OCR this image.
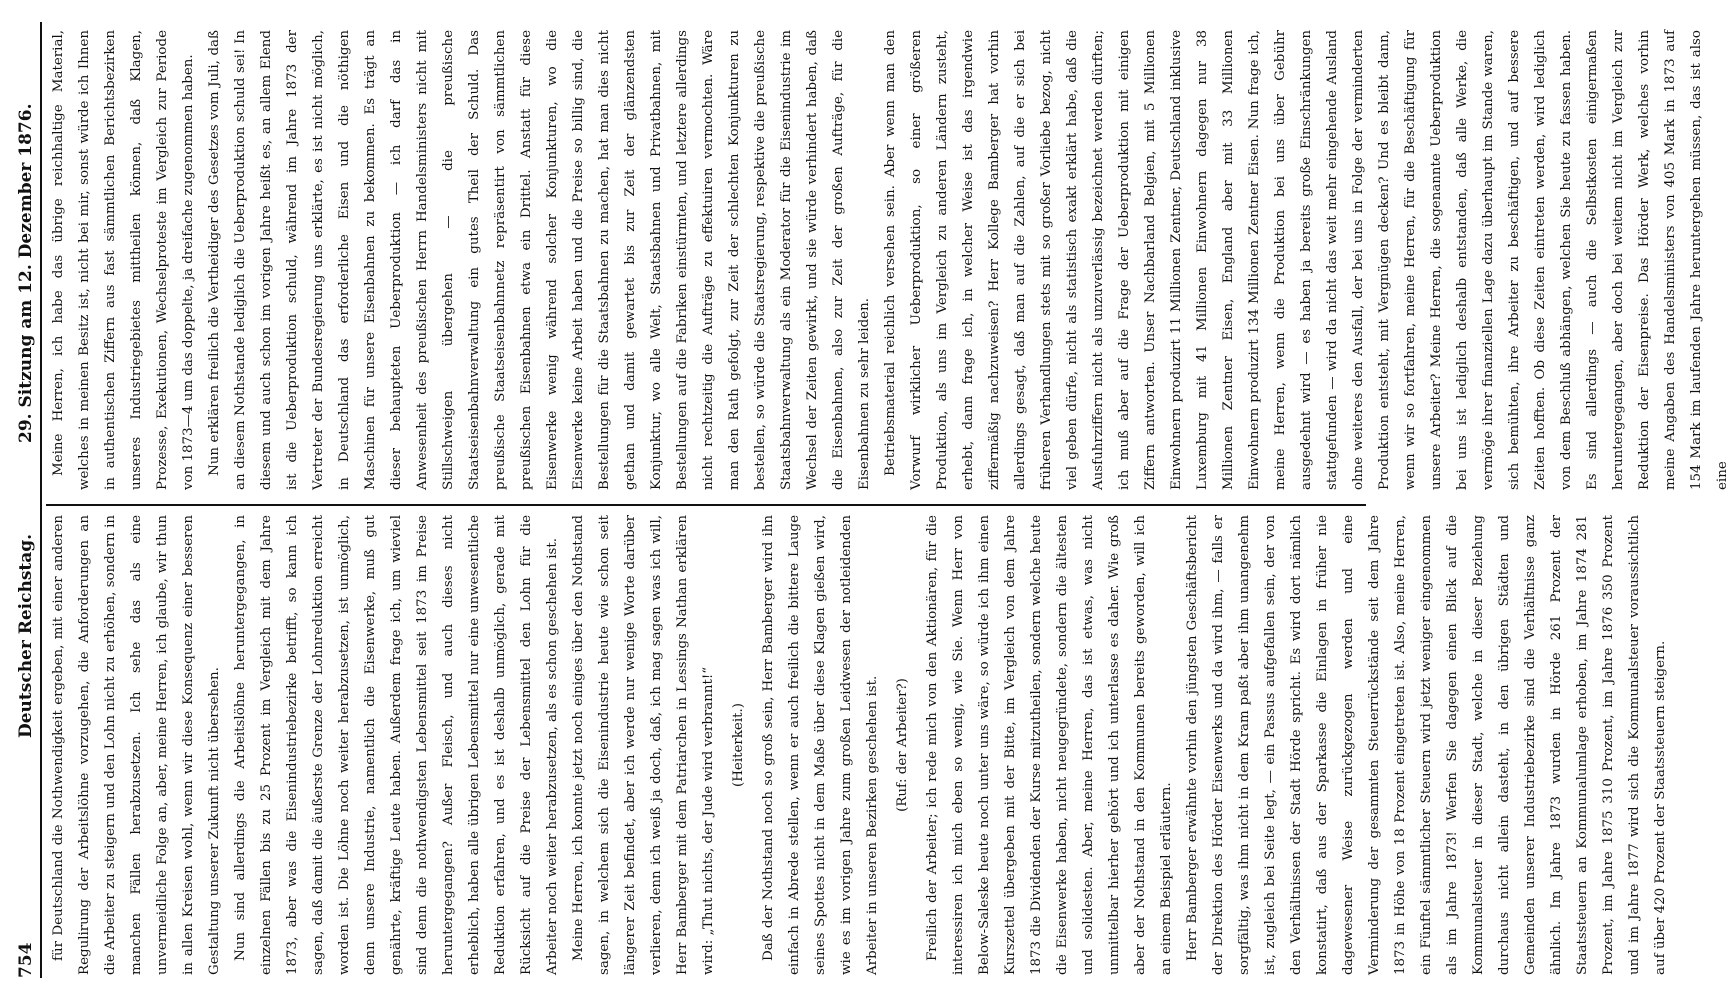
754
Deutscher Reichstag.
29. Sitzung am 12. Dezember 1876.

für Deutschland die Nothwendigkeit ergeben, mit einer anderen Regulirung der Arbeitslöhne vorzugehen, die Anforderungen an die Arbeiter zu steigern und den Lohn nicht zu erhöhen, sondern in manchen Fällen herabzusetzen. Ich sehe das als eine unvermeidliche Folge an, aber, meine Herren, ich glaube, wir thun in allen Kreisen wohl, wenn wir diese Konsequenz einer besseren Gestaltung unserer Zukunft nicht übersehen. Nun sind allerdings die Arbeitslöhne heruntergegangen, in einzelnen Fällen bis zu 25 Prozent im Vergleich mit dem Jahre 1873, aber was die Eisenindustriebezirke betrifft, so kann ich sagen, daß damit die äußerste Grenze der Lohnreduktion erreicht worden ist. Die Löhne noch weiter herabzusetzen, ist unmöglich, denn unsere Industrie, namentlich die Eisenwerke, muß gut genährte, kräftige Leute haben. Außerdem frage ich, um wieviel sind denn die nothwendigsten Lebensmittel seit 1873 im Preise heruntergegangen? Außer Fleisch, und auch dieses nicht erheblich, haben alle übrigen Lebensmittel nur eine unwesentliche Reduktion erfahren, und es ist deshalb unmöglich, gerade mit Rücksicht auf die Preise der Lebensmittel den Lohn für die Arbeiter noch weiter herabzusetzen, als es schon geschehen ist. Meine Herren, ich konnte jetzt noch einiges über den Nothstand sagen, in welchem sich die Eisenindustrie heute wie schon seit längerer Zeit befindet, aber ich werde nur wenige Worte darüber verlieren, denn ich weiß ja doch, daß, ich mag sagen was ich will, Herr Bamberger mit dem Patriarchen in Lessings Nathan erklären wird: „Thut nichts, der Jude wird verbrannt!“	(Heiterkeit.)	Daß der Nothstand noch so groß sein, Herr Bamberger wird ihn einfach in Abrede stellen, wenn er auch freilich die bittere Lauge seines Spottes nicht in dem Maße über diese Klagen gießen wird, wie es im vorigen Jahre zum großen Leidwesen der notleidenden Arbeiter in unseren Bezirken geschehen ist.	(Ruf: der Arbeiter?)	Freilich der Arbeiter; ich rede mich von den Aktionären, für die interessiren ich mich eben so wenig, wie Sie. Wenn Herr von Below-Saleske heute noch unter uns wäre, so würde ich ihm einen Kurszettel übergeben mit der Bitte, im Vergleich von dem Jahre 1873 die Dividenden der Kurse mitzutheilen, sondern welche heute die Eisenwerke haben, nicht neugegründete, sondern die ältesten und solidesten. Aber, meine Herren, das ist etwas, was nicht unmittelbar hierher gehört und ich unterlasse es daher. Wie groß aber der Nothstand in den Kommunen bereits geworden, will ich an einem Beispiel erläutern. Herr Bamberger erwähnte vorhin den jüngsten Geschäftsbericht der Direktion des Hörder Eisenwerks und da wird ihm, — falls er sorgfältig, was ihm nicht in dem Kram paßt aber ihm unangenehm ist, zugleich bei Seite legt, — ein Passus aufgefallen sein, der von den Verhältnissen der Stadt Hörde spricht. Es wird dort nämlich konstatirt, daß aus der Sparkasse die Einlagen in früher nie dagewesener Weise zurückgezogen werden und eine Verminderung der gesammten Steuerrückstände seit dem Jahre 1873 in Höhe von 18 Prozent eingetreten ist. Also, meine Herren, ein Fünftel sämmtlicher Steuern wird jetzt weniger eingenommen als im Jahre 1873! Werfen Sie dagegen einen Blick auf die Kommunalsteuer in dieser Stadt, welche in dieser Beziehung durchaus nicht allein dasteht, in den übrigen Städten und Gemeinden unserer Industriebezirke sind die Verhältnisse ganz ähnlich. Im Jahre 1873 wurden in Hörde 261 Prozent der Staatssteuern an Kommunalumlage erhoben, im Jahre 1874 281 Prozent, im Jahre 1875 310 Prozent, im Jahre 1876 350 Prozent und im Jahre 1877 wird sich die Kommunalsteuer voraussichtlich auf über 420 Prozent der Staatssteuern steigern.

Meine Herren, ich habe das übrige reichhaltige Material, welches in meinen Besitz ist, nicht bei mir, sonst würde ich Ihnen in authentischen Ziffern aus fast sämmtlichen Berichtsbezirken unseres Industriegebietes mittheilen können, daß Klagen, Prozesse, Exekutionen, Wechselproteste im Vergleich zur Periode von 1873—4 um das doppelte, ja dreifache zugenommen haben. Nun erklären freilich die Vertheidiger des Gesetzes vom Juli, daß an diesem Nothstande lediglich die Ueberproduktion schuld sei! In diesem und auch schon im vorigen Jahre heißt es, an allem Elend ist die Ueberproduktion schuld, während im Jahre 1873 der Vertreter der Bundesregierung uns erklärte, es ist nicht möglich, in Deutschland das erforderliche Eisen und die nöthigen Maschinen für unsere Eisenbahnen zu bekommen. Es trägt an dieser behaupteten Ueberproduktion — ich darf das in Anwesenheit des preußischen Herrn Handelsministers nicht mit Stillschweigen übergehen — die preußische Staatseisenbahnverwaltung ein gutes Theil der Schuld. Das preußische Staatseisenbahnnetz repräsentirt von sämmtlichen preußischen Eisenbahnen etwa ein Drittel. Anstatt für diese Eisenwerke wenig während solcher Konjunkturen, wo die Eisenwerke keine Arbeit haben und die Preise so billig sind, die Bestellungen für die Staatsbahnen zu machen, hat man dies nicht gethan und damit gewartet bis zur Zeit der glänzendsten Konjunktur, wo alle Welt, Staatsbahnen und Privatbahnen, mit Bestellungen auf die Fabriken einstürmten, und letztere allerdings nicht rechtzeitig die Aufträge zu effektuiren vermochten. Wäre man den Rath gefolgt, zur Zeit der schlechten Konjunkturen zu bestellen, so würde die Staatsregierung, respektive die preußische Staatsbahnverwaltung als ein Moderator für die Eisenindustrie im Wechsel der Zeiten gewirkt, und sie würde verhindert haben, daß die Eisenbahnen, also zur Zeit der großen Aufträge, für die Eisenbahnen zu sehr leiden. Betriebsmaterial reichlich versehen sein. Aber wenn man den Vorwurf wirklicher Ueberproduktion, so einer größeren Produktion, als uns im Vergleich zu anderen Ländern zusteht, erhebt, dann frage ich, in welcher Weise ist das irgendwie ziffermäßig nachzuweisen? Herr Kollege Bamberger hat vorhin allerdings gesagt, daß man auf die Zahlen, auf die er sich bei früheren Verhandlungen stets mit so großer Vorliebe bezog, nicht viel geben dürfe, nicht als statistisch exakt erklärt habe, daß die Ausfuhrziffern nicht als unzuverlässig bezeichnet werden dürften; ich muß aber auf die Frage der Ueberproduktion mit einigen Ziffern antworten. Unser Nachbarland Belgien, mit 5 Millionen Einwohnern produzirt 11 Millionen Zentner, Deutschland inklusive Luxemburg mit 41 Millionen Einwohnern dagegen nur 38 Millionen Zentner Eisen, England aber mit 33 Millionen Einwohnern produzirt 134 Millionen Zentner Eisen. Nun frage ich, meine Herren, wenn die Produktion bei uns über Gebühr ausgedehnt wird — es haben ja bereits große Einschränkungen stattgefunden — wird da nicht das weit mehr eingehende Ausland ohne weiteres den Ausfall, der bei uns in Folge der verminderten Produktion entsteht, mit Vergnügen decken? Und es bleibt dann, wenn wir so fortfahren, meine Herren, für die Beschäftigung für unsere Arbeiter? Meine Herren, die sogenannte Ueberproduktion bei uns ist lediglich deshalb entstanden, daß alle Werke, die vermöge ihrer finanziellen Lage dazu überhaupt im Stande waren, sich bemühten, ihre Arbeiter zu beschäftigen, und auf bessere Zeiten hofften. Ob diese Zeiten eintreten werden, wird lediglich von dem Beschluß abhängen, welchen Sie heute zu fassen haben. Es sind allerdings — auch die Selbstkosten einigermaßen heruntergegangen, aber doch bei weitem nicht im Vergleich zur Reduktion der Eisenpreise. Das Hörder Werk, welches vorhin meine Angaben des Handelsministers von 405 Mark in 1873 auf 154 Mark im laufenden Jahre heruntergehen müssen, das ist also eine
